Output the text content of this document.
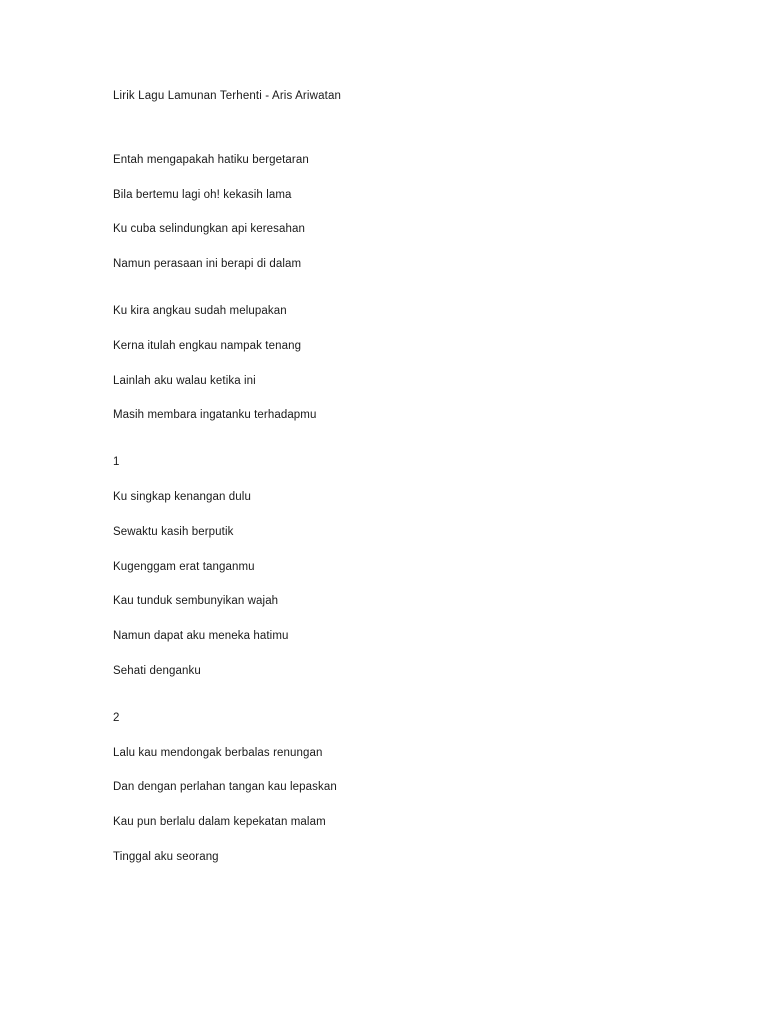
Lirik Lagu Lamunan Terhenti - Aris Ariwatan

Entah mengapakah hatiku bergetaran

Bila bertemu lagi oh! kekasih lama

Ku cuba selindungkan api keresahan

Namun perasaan ini berapi di dalam

Ku kira angkau sudah melupakan

Kerna itulah engkau nampak tenang

Lainlah aku walau ketika ini

Masih membara ingatanku terhadapmu

1

Ku singkap kenangan dulu

Sewaktu kasih berputik

Kugenggam erat tanganmu

Kau tunduk sembunyikan wajah

Namun dapat aku meneka hatimu

Sehati denganku

2

Lalu kau mendongak berbalas renungan

Dan dengan perlahan tangan kau lepaskan

Kau pun berlalu dalam kepekatan malam

Tinggal aku seorang
